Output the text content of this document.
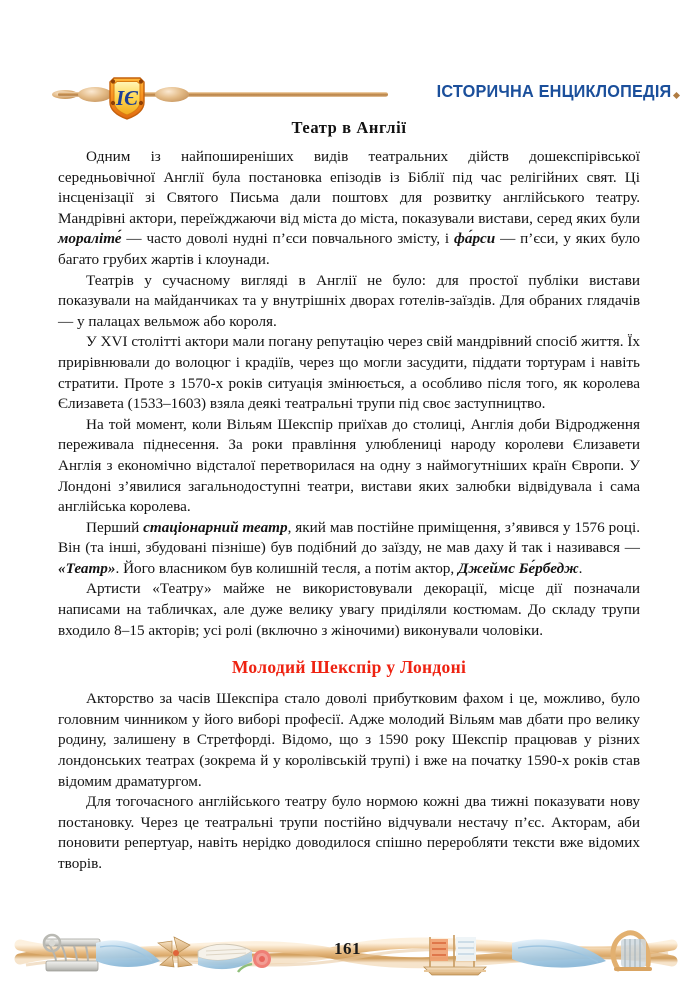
ІЄ	ІСТОРИЧНА ЕНЦИКЛОПЕДІЯ
Театр в Англії

Одним із найпоширеніших видів театральних дійств дошекспірівської середньовічної Англії була постановка епізодів із Біблії під час релігійних свят. Ці інсценізації зі Святого Письма дали поштовх для розвитку англійського театру. Мандрівні актори, переїжджаючи від міста до міста, показували вистави, серед яких були мораліте́ — часто доволі нудні п’єси повчального змісту, і фа́рси — п’єси, у яких було багато грубих жартів і клоунади.

Театрів у сучасному вигляді в Англії не було: для простої публіки вистави показували на майданчиках та у внутрішніх дворах готелів-заїздів. Для обраних глядачів — у палацах вельмож або короля.

У XVI столітті актори мали погану репутацію через свій мандрівний спосіб життя. Їх прирівнювали до волоцюг і крадіїв, через що могли засудити, піддати тортурам і навіть стратити. Проте з 1570-х років ситуація змінюється, а особливо після того, як королева Єлизавета (1533–1603) взяла деякі театральні трупи під своє заступництво.

На той момент, коли Вільям Шекспір приїхав до столиці, Англія доби Відродження переживала піднесення. За роки правління улюблениці народу королеви Єлизавети Англія з економічно відсталої перетворилася на одну з наймогутніших країн Європи. У Лондоні з’явилися загальнодоступні театри, вистави яких залюбки відвідувала і сама англійська королева.

Перший стаціонарний театр, який мав постійне приміщення, з’явився у 1576 році. Він (та інші, збудовані пізніше) був подібний до заїзду, не мав даху й так і називався — «Театр». Його власником був колишній тесля, а потім актор, Джеймс Бе́рбедж.

Артисти «Театру» майже не використовували декорації, місце дії позначали написами на табличках, але дуже велику увагу приділяли костюмам. До складу трупи входило 8–15 акторів; усі ролі (включно з жіночими) виконували чоловіки.

Молодий Шекспір у Лондоні

Акторство за часів Шекспіра стало доволі прибутковим фахом і це, можливо, було головним чинником у його виборі професії. Адже молодий Вільям мав дбати про велику родину, залишену в Стретфорді. Відомо, що з 1590 року Шекспір працював у різних лондонських театрах (зокрема й у королівській трупі) і вже на початку 1590-х років став відомим драматургом.

Для тогочасного англійського театру було нормою кожні два тижні показувати нову постановку. Через це театральні трупи постійно відчували нестачу п’єс. Акторам, аби поновити репертуар, навіть нерідко доводилося спішно переробляти тексти вже відомих творів.

161
